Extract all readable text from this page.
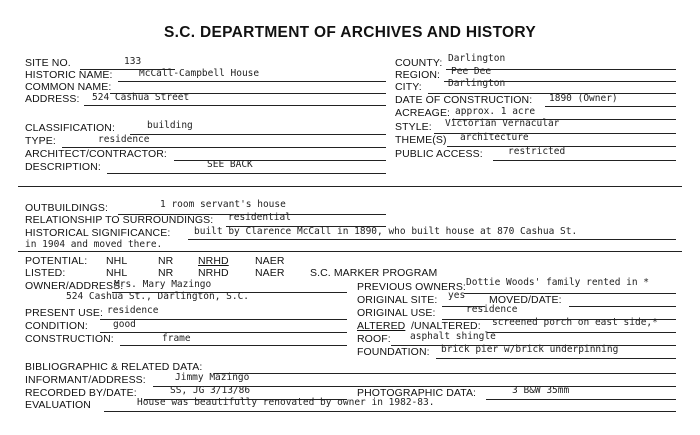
S.C. DEPARTMENT OF ARCHIVES AND HISTORY
SITE NO.	133
HISTORIC NAME:	McCall-Campbell House
COMMON NAME:
ADDRESS: 524 Cashua Street
COUNTY: Darlington
REGION: Pee Dee
CITY:	Darlington
DATE OF CONSTRUCTION: 1890 (Owner)
ACREAGE: approx. 1 acre
CLASSIFICATION:	building	STYLE: Victorian Vernacular
TYPE:	residence	THEME(S) architecture
ARCHITECT/CONTRACTOR:	PUBLIC ACCESS:	restricted
DESCRIPTION:	SEE BACK
OUTBUILDINGS:	1 room servant's house
RELATIONSHIP TO SURROUNDINGS: residential
HISTORICAL SIGNIFICANCE: built by Clarence McCall in 1890, who built house at 870 Cashua St.
in 1904 and moved there.
POTENTIAL: NHL	NR NRHD	NAER
LISTED:	NHL	NR NRHD	NAER S.C. MARKER PROGRAM
OWNER/ADDRESS:
Mrs. Mary Mazingo
524 Cashua St., Darlington, S.C.
PREVIOUS OWNERS: Dottie Woods' family rented in *
ORIGINAL SITE: yes MOVED/DATE:
PRESENT USE: residence	ORIGINAL USE:	residence
CONDITION:	good	ALTERED /UNALTERED: screened porch on east side,*
CONSTRUCTION:	frame	ROOF: asphalt shingle
FOUNDATION: brick pier w/brick underpinning
BIBLIOGRAPHIC & RELATED DATA:
INFORMANT/ADDRESS:	Jimmy Mazingo
RECORDED BY/DATE:	SS, JG 3/13/86	PHOTOGRAPHIC DATA:	3 B&W 35mm
EVALUATION	House was beautifully renovated by owner in 1982-83.
